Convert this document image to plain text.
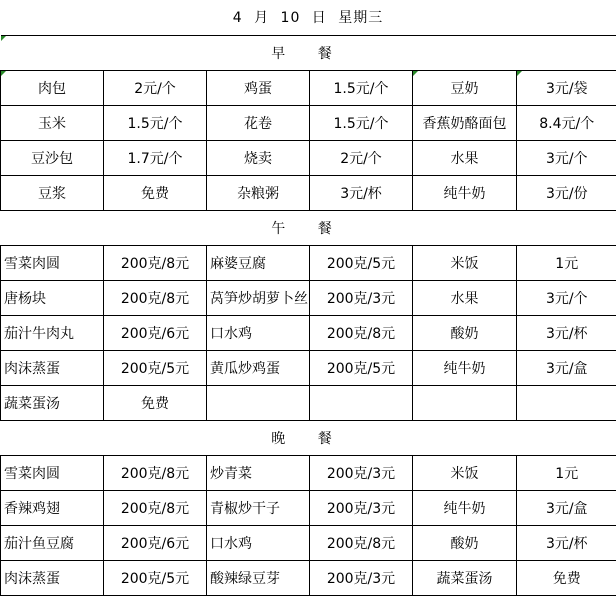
4 月 10 日 星期三
早 餐					

肉包	2元/个	鸡蛋	1.5元/个	豆奶	3元/袋

玉米	1.5元/个	花卷	1.5元/个	香蕉奶酪面包	8.4元/个
豆沙包	1.7元/个	烧卖	2元/个	水果	3元/个
豆浆	免费	杂粮粥	3元/杯	纯牛奶	3元/份
午 餐					
雪菜肉圆	200克/8元	麻婆豆腐	200克/5元	米饭	1元
唐杨块	200克/8元	莴笋炒胡萝卜丝	200克/3元	水果	3元/个
茄汁牛肉丸	200克/6元	口水鸡	200克/8元	酸奶	3元/杯
肉沫蒸蛋	200克/5元	黄瓜炒鸡蛋	200克/5元	纯牛奶	3元/盒
蔬菜蛋汤	免费				
晚 餐					
雪菜肉圆	200克/8元	炒青菜	200克/3元	米饭	1元
香辣鸡翅	200克/8元	青椒炒干子	200克/3元	纯牛奶	3元/盒
茄汁鱼豆腐	200克/6元	口水鸡	200克/8元	酸奶	3元/杯
肉沫蒸蛋	200克/5元	酸辣绿豆芽	200克/3元	蔬菜蛋汤	免费
